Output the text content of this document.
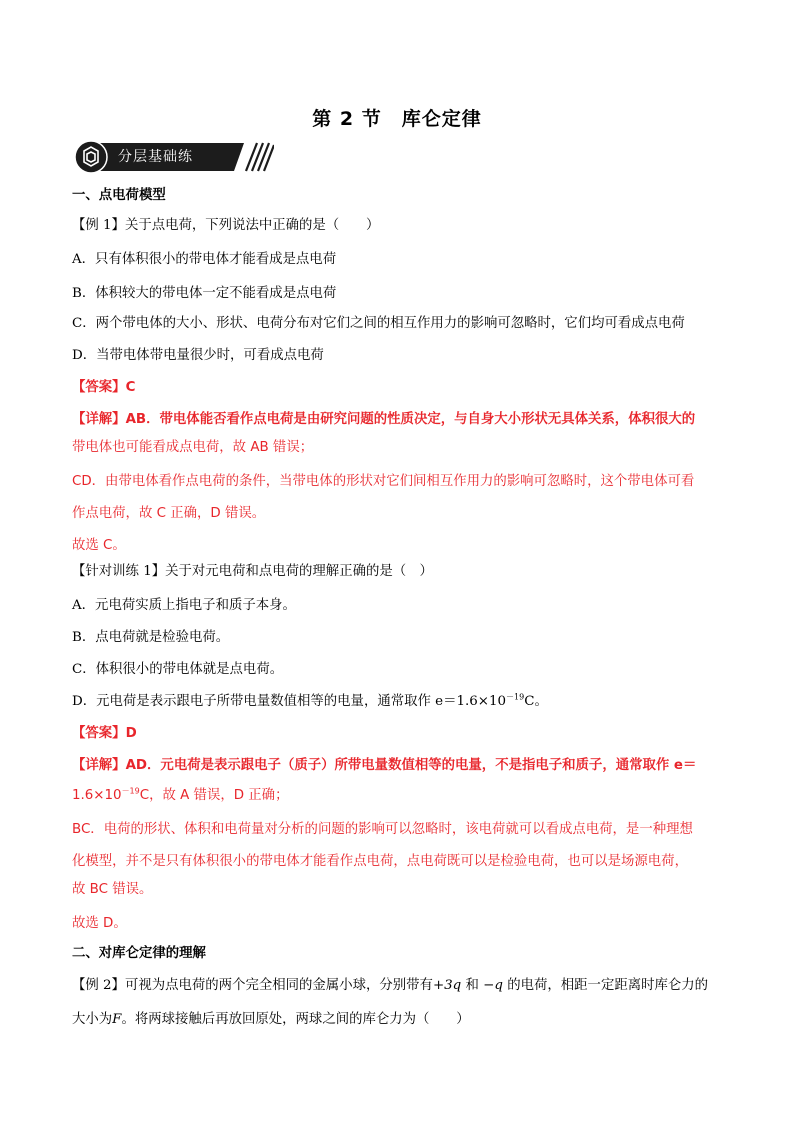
第 2 节　库仑定律
分层基础练
一、点电荷模型
【例 1】关于点电荷，下列说法中正确的是（　　）
A．只有体积很小的带电体才能看成是点电荷
B．体积较大的带电体一定不能看成是点电荷
C．两个带电体的大小、形状、电荷分布对它们之间的相互作用力的影响可忽略时，它们均可看成点电荷
D．当带电体带电量很少时，可看成点电荷
【答案】C
【详解】AB．带电体能否看作点电荷是由研究问题的性质决定，与自身大小形状无具体关系，体积很大的
带电体也可能看成点电荷，故 AB 错误；
CD．由带电体看作点电荷的条件，当带电体的形状对它们间相互作用力的影响可忽略时，这个带电体可看
作点电荷，故 C 正确，D 错误。
故选 C。
【针对训练 1】关于对元电荷和点电荷的理解正确的是（　）
A．元电荷实质上指电子和质子本身。
B．点电荷就是检验电荷。
C．体积很小的带电体就是点电荷。
D．元电荷是表示跟电子所带电量数值相等的电量，通常取作 $e=1.6\times 10^{-19}C$。
【答案】D
【详解】AD．元电荷是表示跟电子（质子）所带电量数值相等的电量，不是指电子和质子，通常取作 e＝
$1.6\times 10^{-19}C$，故 A 错误，D 正确；
BC．电荷的形状、体积和电荷量对分析的问题的影响可以忽略时，该电荷就可以看成点电荷，是一种理想
化模型，并不是只有体积很小的带电体才能看作点电荷，点电荷既可以是检验电荷，也可以是场源电荷，
故 BC 错误。
故选 D。
二、对库仑定律的理解
【例 2】可视为点电荷的两个完全相同的金属小球，分别带有+3q 和 −q 的电荷，相距一定距离时库仑力的
大小为F。将两球接触后再放回原处，两球之间的库仑力为（　　）
